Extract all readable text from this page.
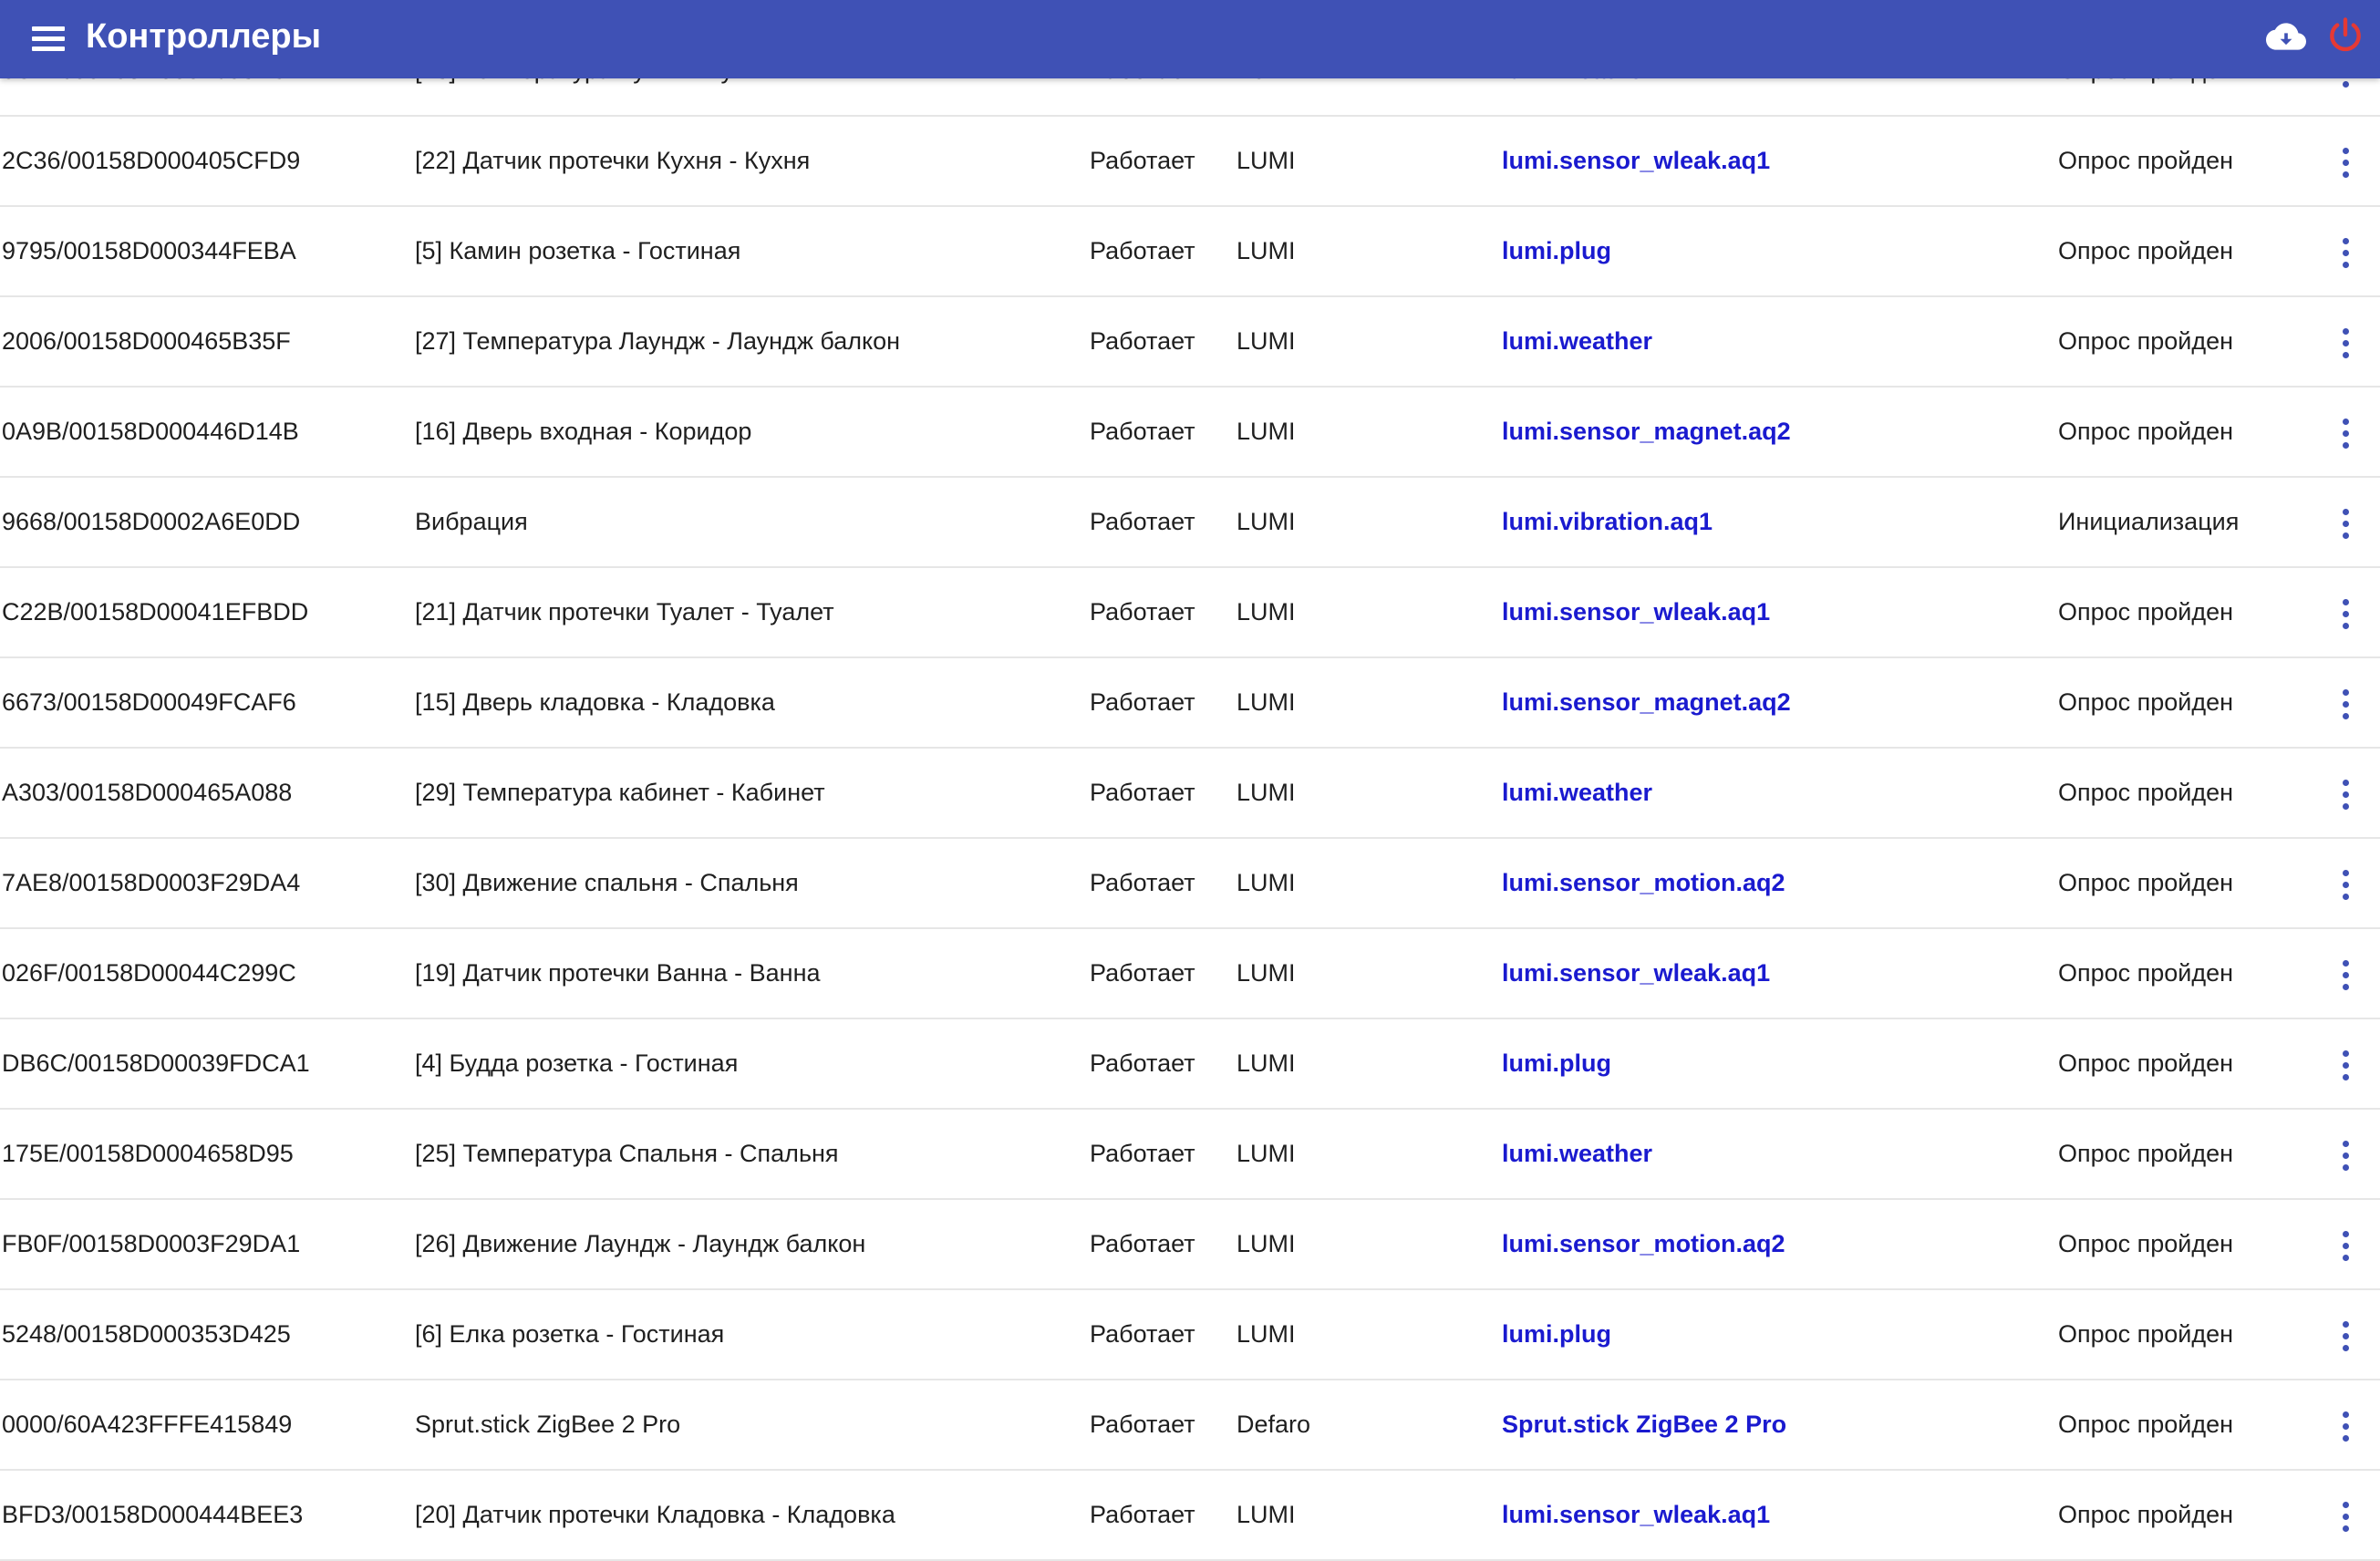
2C36/00158D000405CFD9	[22] Датчик протечки Кухня - Кухня	Работает	LUMI	lumi.sensor_wleak.aq1	Опрос пройден
9795/00158D000344FEBA	[5] Камин розетка - Гостиная	Работает	LUMI	lumi.plug	Опрос пройден
2006/00158D000465B35F	[27] Температура Лаундж - Лаундж балкон	Работает	LUMI	lumi.weather	Опрос пройден
0A9B/00158D000446D14B	[16] Дверь входная - Коридор	Работает	LUMI	lumi.sensor_magnet.aq2	Опрос пройден
9668/00158D0002A6E0DD	Вибрация	Работает	LUMI	lumi.vibration.aq1	Инициализация
C22B/00158D00041EFBDD	[21] Датчик протечки Туалет - Туалет	Работает	LUMI	lumi.sensor_wleak.aq1	Опрос пройден
6673/00158D00049FCAF6	[15] Дверь кладовка - Кладовка	Работает	LUMI	lumi.sensor_magnet.aq2	Опрос пройден
A303/00158D000465A088	[29] Температура кабинет - Кабинет	Работает	LUMI	lumi.weather	Опрос пройден
7AE8/00158D0003F29DA4	[30] Движение спальня - Спальня	Работает	LUMI	lumi.sensor_motion.aq2	Опрос пройден
026F/00158D00044C299C	[19] Датчик протечки Ванна - Ванна	Работает	LUMI	lumi.sensor_wleak.aq1	Опрос пройден
DB6C/00158D00039FDCA1	[4] Будда розетка - Гостиная	Работает	LUMI	lumi.plug	Опрос пройден
175E/00158D0004658D95	[25] Температура Спальня - Спальня	Работает	LUMI	lumi.weather	Опрос пройден
FB0F/00158D0003F29DA1	[26] Движение Лаундж - Лаундж балкон	Работает	LUMI	lumi.sensor_motion.aq2	Опрос пройден
5248/00158D000353D425	[6] Елка розетка - Гостиная	Работает	LUMI	lumi.plug	Опрос пройден
0000/60A423FFFE415849	Sprut.stick ZigBee 2 Pro	Работает	Defaro	Sprut.stick ZigBee 2 Pro	Опрос пройден
BFD3/00158D000444BEE3	[20] Датчик протечки Кладовка - Кладовка	Работает	LUMI	lumi.sensor_wleak.aq1	Опрос пройден
Контроллеры
